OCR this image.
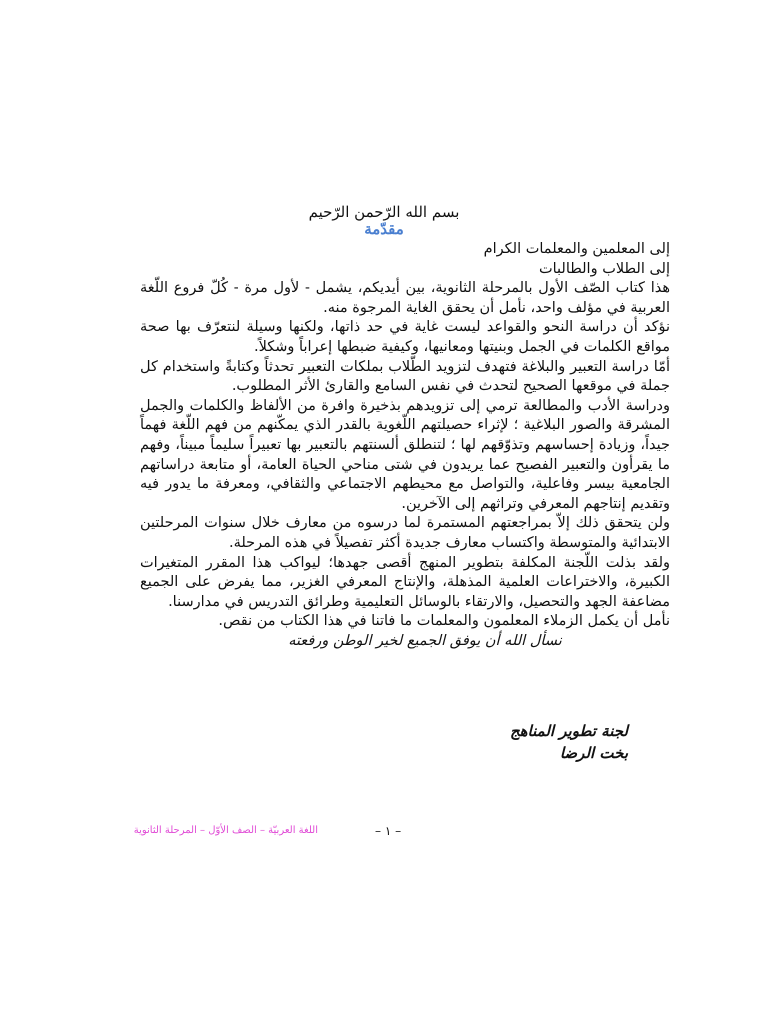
بسم الله الرّحمن الرّحيم
مقدّمة

إلى المعلمين والمعلمات الكرام

إلى الطلاب والطالبات

هذا كتاب الصّف الأول بالمرحلة الثانوية، بين أيديكم، يشمل - لأول مرة - كُلّ فروع اللّغة العربية في مؤلف واحد، نأمل أن يحقق الغاية المرجوة منه.

نؤكد أن دراسة النحو والقواعد ليست غاية في حد ذاتها، ولكنها وسيلة لنتعرّف بها صحة مواقع الكلمات في الجمل وبنيتها ومعانيها، وكيفية ضبطها إعراباً وشكلاً.

أمّا دراسة التعبير والبلاغة فتهدف لتزويد الطّلاب بملكات التعبير تحدثاً وكتابةً واستخدام كل جملة في موقعها الصحيح لتحدث في نفس السامع والقارئ الأثر المطلوب.

ودراسة الأدب والمطالعة ترمي إلى تزويدهم بذخيرة وافرة من الألفاظ والكلمات والجمل المشرقة والصور البلاغية ؛ لإثراء حصيلتهم اللّغوية بالقدر الذي يمكّنهم من فهم اللّغة فهماً جيداً، وزيادة إحساسهم وتذوّقهم لها ؛ لتنطلق ألسنتهم بالتعبير بها تعبيراً سليماً مبيناً، وفهم ما يقرأون والتعبير الفصيح عما يريدون في شتى مناحي الحياة العامة، أو متابعة دراساتهم الجامعية بيسر وفاعلية، والتواصل مع محيطهم الاجتماعي والثقافي، ومعرفة ما يدور فيه وتقديم إنتاجهم المعرفي وتراثهم إلى الآخرين.

ولن يتحقق ذلك إلاّ بمراجعتهم المستمرة لما درسوه من معارف خلال سنوات المرحلتين الابتدائية والمتوسطة واكتساب معارف جديدة أكثر تفصيلاً في هذه المرحلة.

ولقد بذلت اللّجنة المكلفة بتطوير المنهج أقصى جهدها؛ ليواكب هذا المقرر المتغيرات الكبيرة، والاختراعات العلمية المذهلة، والإنتاج المعرفي الغزير، مما يفرض على الجميع مضاعفة الجهد والتحصيل، والارتقاء بالوسائل التعليمية وطرائق التدريس في مدارسنا.

نأمل أن يكمل الزملاء المعلمون والمعلمات ما فاتنا في هذا الكتاب من نقص.

نسأل الله أن يوفق الجميع لخير الوطن ورفعته

لجنة تطوير المناهج
بخت الرضا
اللغة العربيّة – الصف الأوّل – المرحلة الثانوية	– ١ –
